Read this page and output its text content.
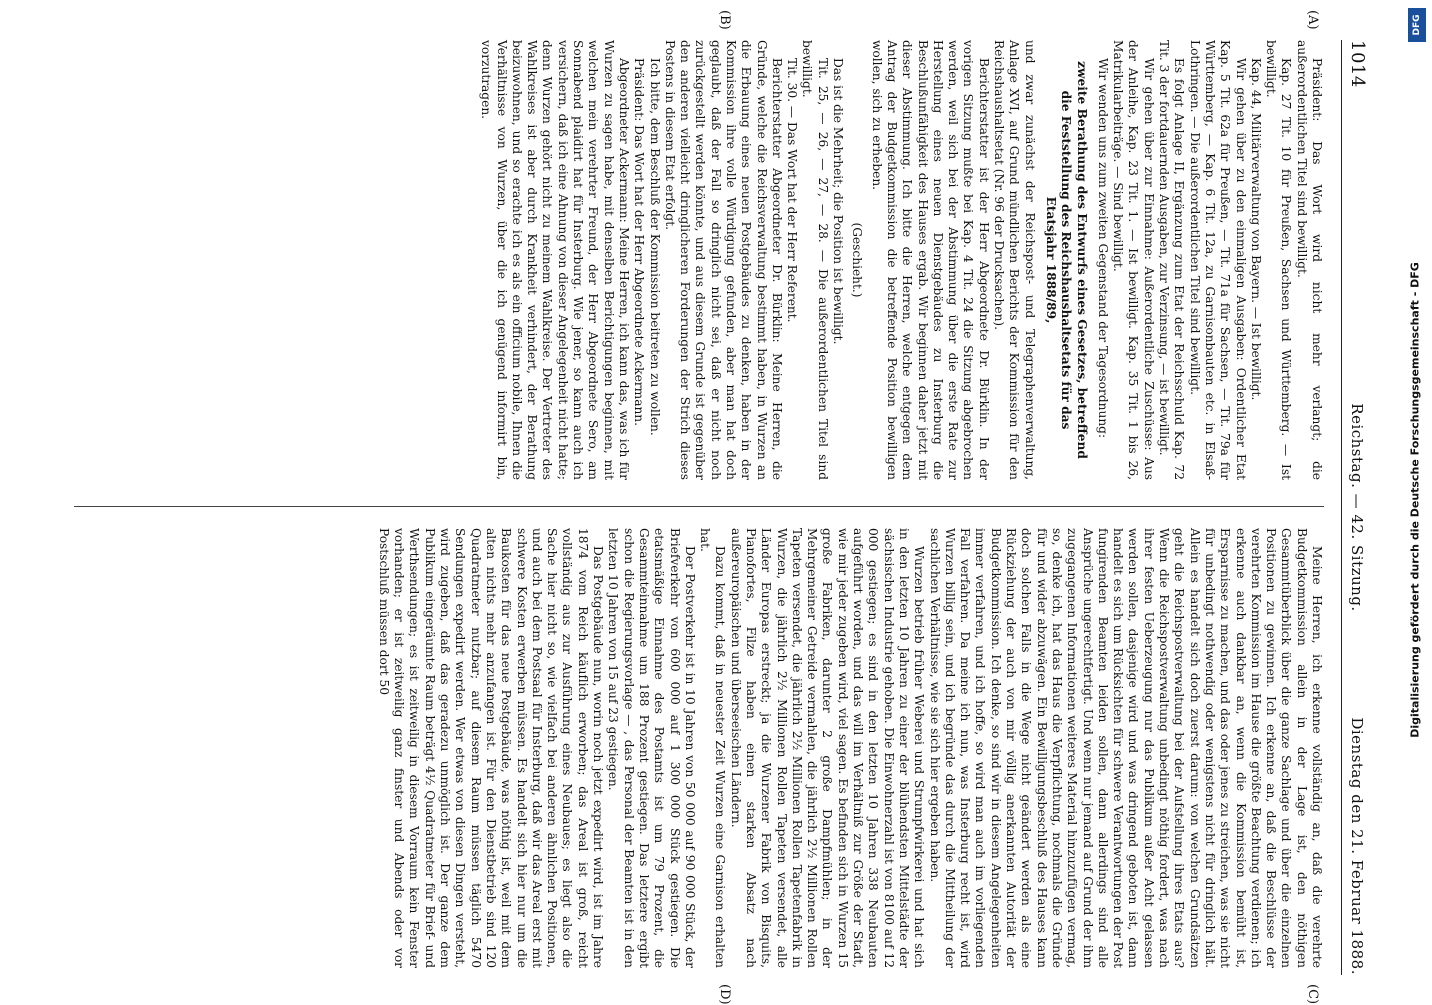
1014
Reichstag. — 42. Sitzung.
Dienstag den 21. Februar 1888.
(A)
(B)
(C)
(D)

Präsident: Das Wort wird nicht mehr verlangt; die außerordentlichen Titel sind bewilligt.

Kap. 27 Tit. 10 für Preußen, Sachsen und Württemberg. — Ist bewilligt.

Kap. 44, Militärverwaltung von Bayern. — Ist bewilligt.

Wir gehen über zu den einmaligen Ausgaben: Ordentlicher Etat Kap. 5 Tit. 62a für Preußen, — Tit. 71a für Sachsen, — Tit. 79a für Württemberg, — Kap. 6 Tit. 12a, zu Garnisonbauten etc. in Elsaß-Lothringen. — Die außerordentlichen Titel sind bewilligt.

Es folgt Anlage II, Ergänzung zum Etat der Reichsschuld Kap. 72 Tit. 3 der fortdauernden Ausgaben, zur Verzinsung, — ist bewilligt.

Wir gehen über zur Einnahme: Außerordentliche Zuschüsse: Aus der Anleihe, Kap. 23 Tit. 1. — Ist bewilligt. Kap. 35 Tit. 1 bis 26, Matrikularbeiträge. — Sind bewilligt.

Wir wenden uns zum zweiten Gegenstand der Tagesordnung:

zweite Berathung des Entwurfs eines Gesetzes, betreffend die Feststellung des Reichshaushaltsetats für das Etatsjahr 1888/89,

und zwar zunächst der Reichspost- und Telegraphenverwaltung, Anlage XVI, auf Grund mündlichen Berichts der Kommission für den Reichshaushaltsetat (Nr. 96 der Drucksachen).

Berichterstatter ist der Herr Abgeordnete Dr. Bürklin. In der vorigen Sitzung mußte bei Kap. 4 Tit. 24 die Sitzung abgebrochen werden, weil sich bei der Abstimmung über die erste Rate zur Herstellung eines neuen Dienstgebäudes zu Insterburg die Beschlußunfähigkeit des Hauses ergab. Wir beginnen daher jetzt mit dieser Abstimmung. Ich bitte die Herren, welche entgegen dem Antrag der Budgetkommission die betreffende Position bewilligen wollen, sich zu erheben.

(Geschieht.)

Das ist die Mehrheit; die Position ist bewilligt.

Tit. 25, — 26, — 27, — 28. — Die außerordentlichen Titel sind bewilligt.

Tit. 30. — Das Wort hat der Herr Referent.

Berichterstatter Abgeordneter Dr. Bürklin: Meine Herren, die Gründe, welche die Reichsverwaltung bestimmt haben, in Wurzen an die Erbauung eines neuen Postgebäudes zu denken, haben in der Kommission ihre volle Würdigung gefunden, aber man hat doch geglaubt, daß der Fall so dringlich nicht sei, daß er nicht noch zurückgestellt werden könnte, und aus diesem Grunde ist gegenüber den anderen vielleicht dringlicheren Forderungen der Strich dieses Postens in diesem Etat erfolgt.

Ich bitte, dem Beschluß der Kommission beitreten zu wollen.

Präsident: Das Wort hat der Herr Abgeordnete Ackermann.

Abgeordneter Ackermann: Meine Herren, ich kann das, was ich für Wurzen zu sagen habe, mit denselben Berichtigungen beginnen, mit welchen mein verehrter Freund, der Herr Abgeordnete Sero, am Sonnabend plaidirt hat für Insterburg. Wie jener, so kann auch ich versichern, daß ich eine Ahnung von dieser Angelegenheit nicht hatte; denn Wurzen gehört nicht zu meinem Wahlkreise. Der Vertreter des Wahlkreises ist aber durch Krankheit verhindert, der Berathung beizuwohnen, und so erachte ich es als ein officium nobile, Ihnen die Verhältnisse von Wurzen, über die ich genügend informirt bin, vorzutragen.

Meine Herren, ich erkenne vollständig an, daß die verehrte Budgetkommission allein in der Lage ist, den nöthigen Gesammtüberblick über die ganze Sachlage und über die einzelnen Positionen zu gewinnen. Ich erkenne an, daß die Beschlüsse der verehrten Kommission im Hause die größte Beachtung verdienen; ich erkenne auch dankbar an, wenn die Kommission bemüht ist, Ersparnisse zu machen, und das oder jenes zu streichen, was sie nicht für unbedingt nothwendig oder wenigstens nicht für dringlich hält. Allein es handelt sich doch zuerst darum: von welchen Grundsätzen geht die Reichspostverwaltung bei der Aufstellung ihres Etats aus? Wenn die Reichspostverwaltung unbedingt nöthig fordert, was nach ihrer festen Ueberzeugung nur das Publikum außer Acht gelassen werden sollen, dasjenige wird und was dringend geboten ist, dann handelt es sich um Rücksichten für schwere Verantwortungen der Post fungirenden Beamten leiden sollen, dann allerdings sind alle Ansprüche ungerechtfertigt. Und wenn nur jemand auf Grund der ihm zugegangenen Informationen weiteres Material hinzuzufügen vermag, so, denke ich, hat das Haus die Verpflichtung, nochmals die Gründe für und wider abzuwägen. Ein Bewilligungsbeschluß des Hauses kann doch solchen Falls in die Wege nicht geändert werden als eine Rückziehung der auch von mir völlig anerkannten Autorität der Budgetkommission. Ich denke, so sind wir in diesem Angelegenheiten immer verfahren, und ich hoffe, so wird man auch im vorliegenden Fall verfahren. Da meine ich nun, was Insterburg recht ist, wird Wurzen billig sein, und ich begründe das durch die Mittheilung der sachlichen Verhältnisse, wie sie sich hier ergeben haben.

Wurzen betrieb früher Weberei und Strumpfwirkerei und hat sich in den letzten 10 Jahren zu einer der blühendsten Mittelstädte der sächsischen Industrie gehoben. Die Einwohnerzahl ist von 8100 auf 12 000 gestiegen; es sind in den letzten 10 Jahren 338 Neubauten aufgeführt worden, und das will im Verhältniß zur Größe der Stadt, wie mir jeder zugeben wird, viel sagen. Es befinden sich in Wurzen 15 große Fabriken, darunter 2 große Dampfmühlen; in der Mehrgemeiner Getreide vermahlen, die jährlich 2½ Millionen Rollen Tapeten versendet, die jährlich 2½ Millionen Rollen Tapetenfabrik in Wurzen, die jährlich 2½ Millionen Rollen Tapeten versendet, alle Länder Europas erstreckt; ja die Wurzener Fabrik von Bisquits, Pianofortes, Filze haben einen starken Absatz nach außereuropäischen und überseeischen Ländern.

Dazu kommt, daß in neuester Zeit Wurzen eine Garnison erhalten hat.

Der Postverkehr ist in 10 Jahren von 50 000 auf 90 000 Stück, der Briefverkehr von 600 000 auf 1 300 000 Stück gestiegen. Die etatsmäßige Einnahme des Postamts ist um 79 Prozent, die Gesammteinnahme um 188 Prozent gestiegen. Das letztere ergibt schon die Regierungsvorlage — , das Personal der Beamten ist in den letzten 10 Jahren von 15 auf 23 gestiegen.

Das Postgebäude nun, worin noch jetzt expedirt wird, ist im Jahre 1874 vom Reich käuflich erworben; das Areal ist groß, reicht vollständig aus zur Ausführung eines Neubaues; es liegt also die Sache hier nicht so, wie vielfach bei anderen ähnlichen Positionen, und auch bei dem Postsaal für Insterburg, daß wir das Areal erst mit schwere Kosten erwerben müssen. Es handelt sich hier nur um die Baukosten für das neue Postgebäude, was nöthig ist, weil mit dem alten nichts mehr anzufangen ist. Für den Dienstbetrieb sind 120 Quadratmeter nutzbar; auf diesem Raum müssen täglich 5470 Sendungen expedirt werden. Wer etwas von diesen Dingen versteht, wird zugeben, daß das geradezu unmöglich ist. Der ganze dem Publikum eingeräumte Raum beträgt 4½ Quadratmeter für Brief- und Werthsendungen; es ist zeitweilig in diesem Vorraum kein Fenster vorhanden; er ist zeitweilig ganz finster und Abends oder vor Postschluß müssen dort 50	Digitalisierung gefördert durch die Deutsche Forschungsgemeinschaft - DFG
DFG
